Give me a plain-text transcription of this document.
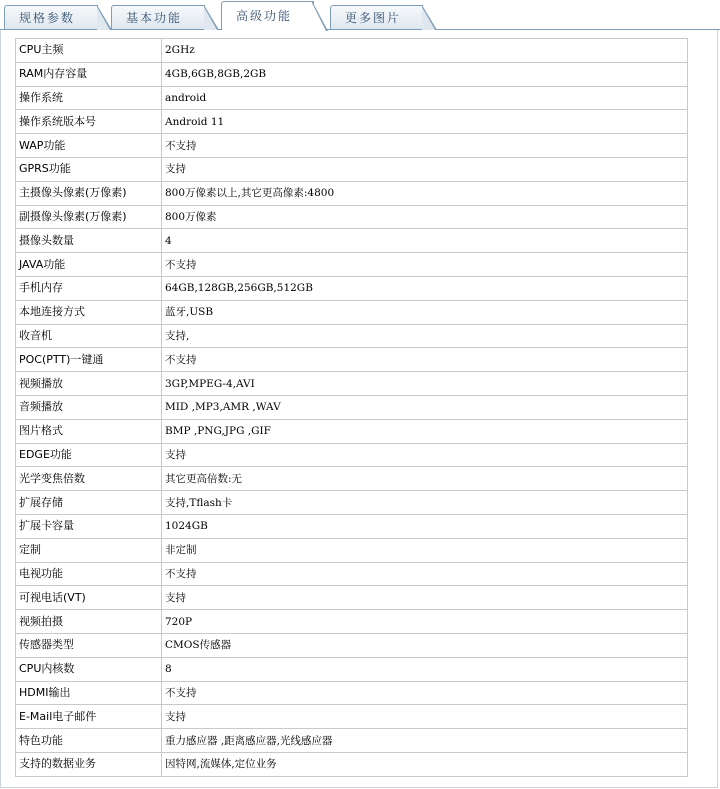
规格参数	基本功能	高级功能	更多图片
CPU主频	2GHz
RAM内存容量	4GB,6GB,8GB,2GB
操作系统	android
操作系统版本号	Android 11
WAP功能	不支持
GPRS功能	支持
主摄像头像素(万像素)	800万像素以上,其它更高像素:4800
副摄像头像素(万像素)	800万像素
摄像头数量	4
JAVA功能	不支持
手机内存	64GB,128GB,256GB,512GB
本地连接方式	蓝牙,USB
收音机	支持,
POC(PTT)一键通	不支持
视频播放	3GP,MPEG-4,AVI
音频播放	MID ,MP3,AMR ,WAV
图片格式	BMP ,PNG,JPG ,GIF
EDGE功能	支持
光学变焦倍数	其它更高倍数:无
扩展存储	支持,Tflash卡
扩展卡容量	1024GB
定制	非定制
电视功能	不支持
可视电话(VT)	支持
视频拍摄	720P
传感器类型	CMOS传感器
CPU内核数	8
HDMI输出	不支持
E-Mail电子邮件	支持
特色功能	重力感应器 ,距离感应器,光线感应器
支持的数据业务	因特网,流媒体,定位业务
